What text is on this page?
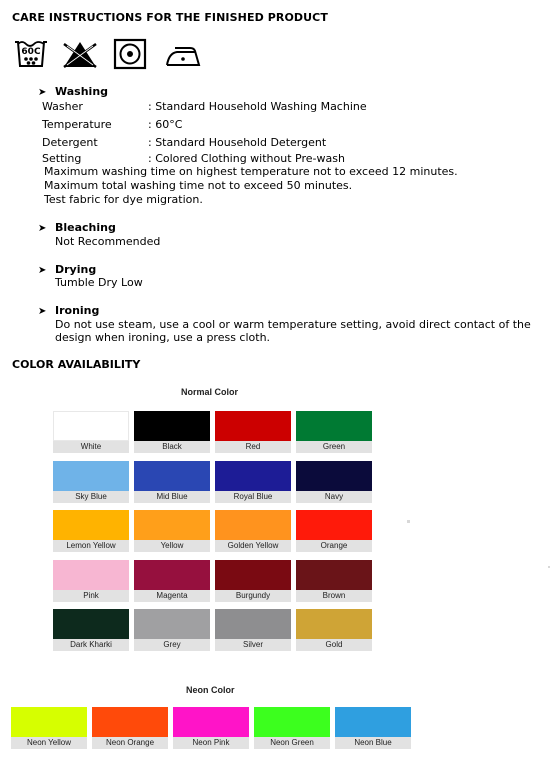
CARE INSTRUCTIONS FOR THE FINISHED PRODUCT
60C
➤ Washing
Washer	: Standard Household Washing Machine
Temperature	: 60°C
Detergent	: Standard Household Detergent
Setting	: Colored Clothing without Pre-wash
Maximum washing time on highest temperature not to exceed 12 minutes.
Maximum total washing time not to exceed 50 minutes.
Test fabric for dye migration.
➤ Bleaching
Not Recommended
➤ Drying
Tumble Dry Low
➤ Ironing
Do not use steam, use a cool or warm temperature setting, avoid direct contact of the
design when ironing, use a press cloth.
COLOR AVAILABILITY
Normal Color
White	Black	Red	Green
Sky Blue	Mid Blue	Royal Blue	Navy
Lemon Yellow	Yellow	Golden Yellow	Orange
Pink	Magenta	Burgundy	Brown
Dark Kharki	Grey	Silver	Gold
Neon Color
Neon Yellow	Neon Orange	Neon Pink	Neon Green	Neon Blue
